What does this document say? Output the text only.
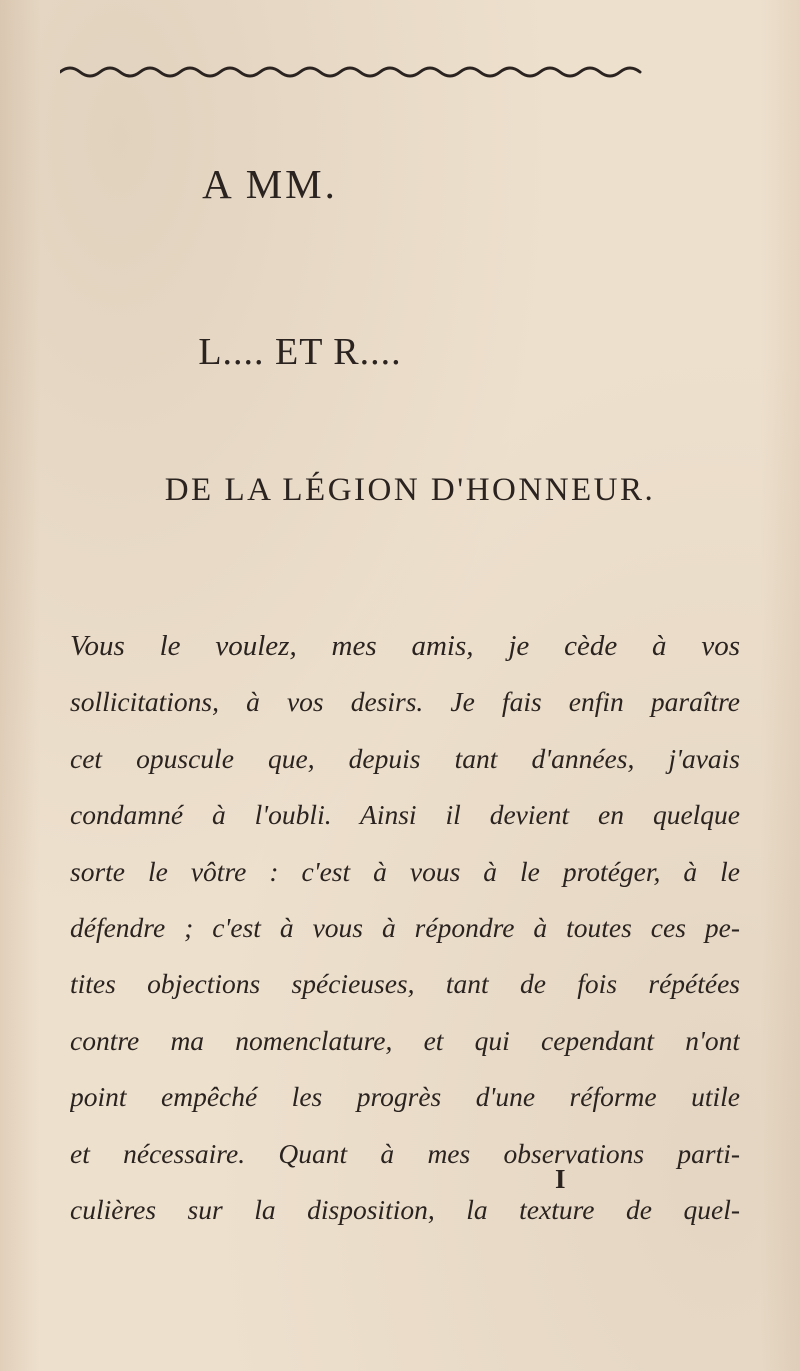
A MM.
L.... ET R....
DE LA LÉGION D'HONNEUR.
Vous le voulez, mes amis, je cède à vos
sollicitations, à vos desirs. Je fais enfin paraître
cet opuscule que, depuis tant d'années, j'avais
condamné à l'oubli. Ainsi il devient en quelque
sorte le vôtre : c'est à vous à le protéger, à le
défendre ; c'est à vous à répondre à toutes ces pe-
tites objections spécieuses, tant de fois répétées
contre ma nomenclature, et qui cependant n'ont
point empêché les progrès d'une réforme utile
et nécessaire. Quant à mes observations parti-
culières sur la disposition, la texture de quel-
I
